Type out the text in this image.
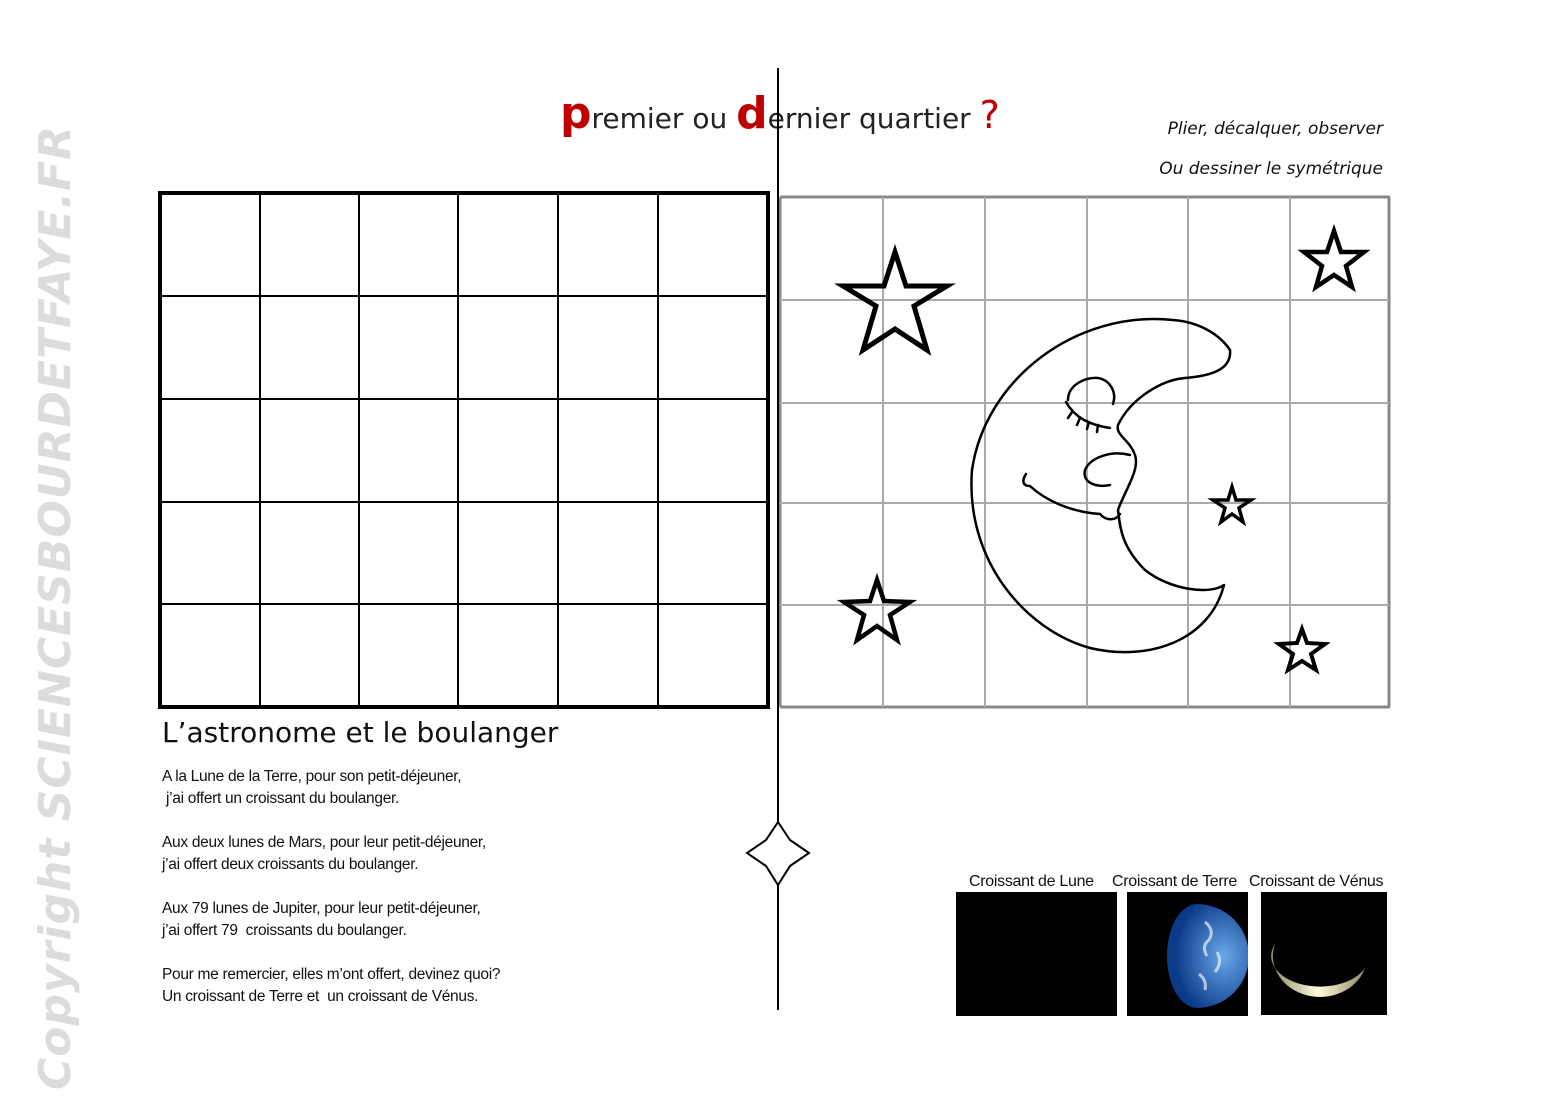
Copyright SCIENCESBOURDETFAYE.FR
premier ou dernier quartier ?	Plier, décalquer, observer
Ou dessiner le symétrique
L’astronome et le boulanger

A la Lune de la Terre, pour son petit-déjeuner,
j’ai offert un croissant du boulanger.

Aux deux lunes de Mars, pour leur petit-déjeuner,
j’ai offert deux croissants du boulanger.

Aux 79 lunes de Jupiter, pour leur petit-déjeuner,
j’ai offert 79  croissants du boulanger.

Pour me remercier, elles m’ont offert, devinez quoi?
Un croissant de Terre et  un croissant de Vénus.

Croissant de Lune Croissant de Terre Croissant de Vénus
